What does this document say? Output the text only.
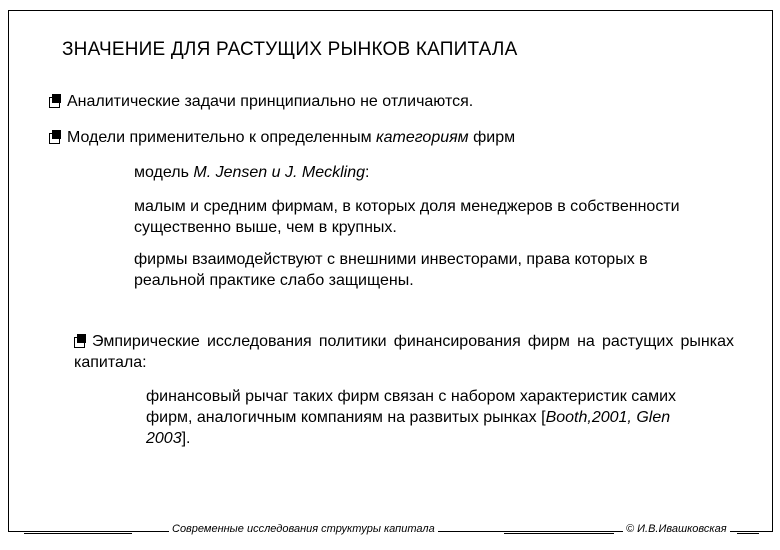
ЗНАЧЕНИЕ ДЛЯ РАСТУЩИХ РЫНКОВ КАПИТАЛА
Аналитические задачи принципиально не отличаются.
Модели применительно к определенным категориям фирм
модель M. Jensen и J. Meckling:
малым и средним фирмам, в которых доля менеджеров в собственности существенно выше, чем в крупных.
фирмы взаимодействуют с внешними инвесторами, права которых в реальной практике слабо защищены.
Эмпирические исследования политики финансирования фирм на растущих рынках капитала:
финансовый рычаг таких фирм связан с набором характеристик самих фирм, аналогичным компаниям на развитых рынках [Booth,2001, Glen 2003].
Современные исследования структуры капитала	© И.В.Ивашковская
